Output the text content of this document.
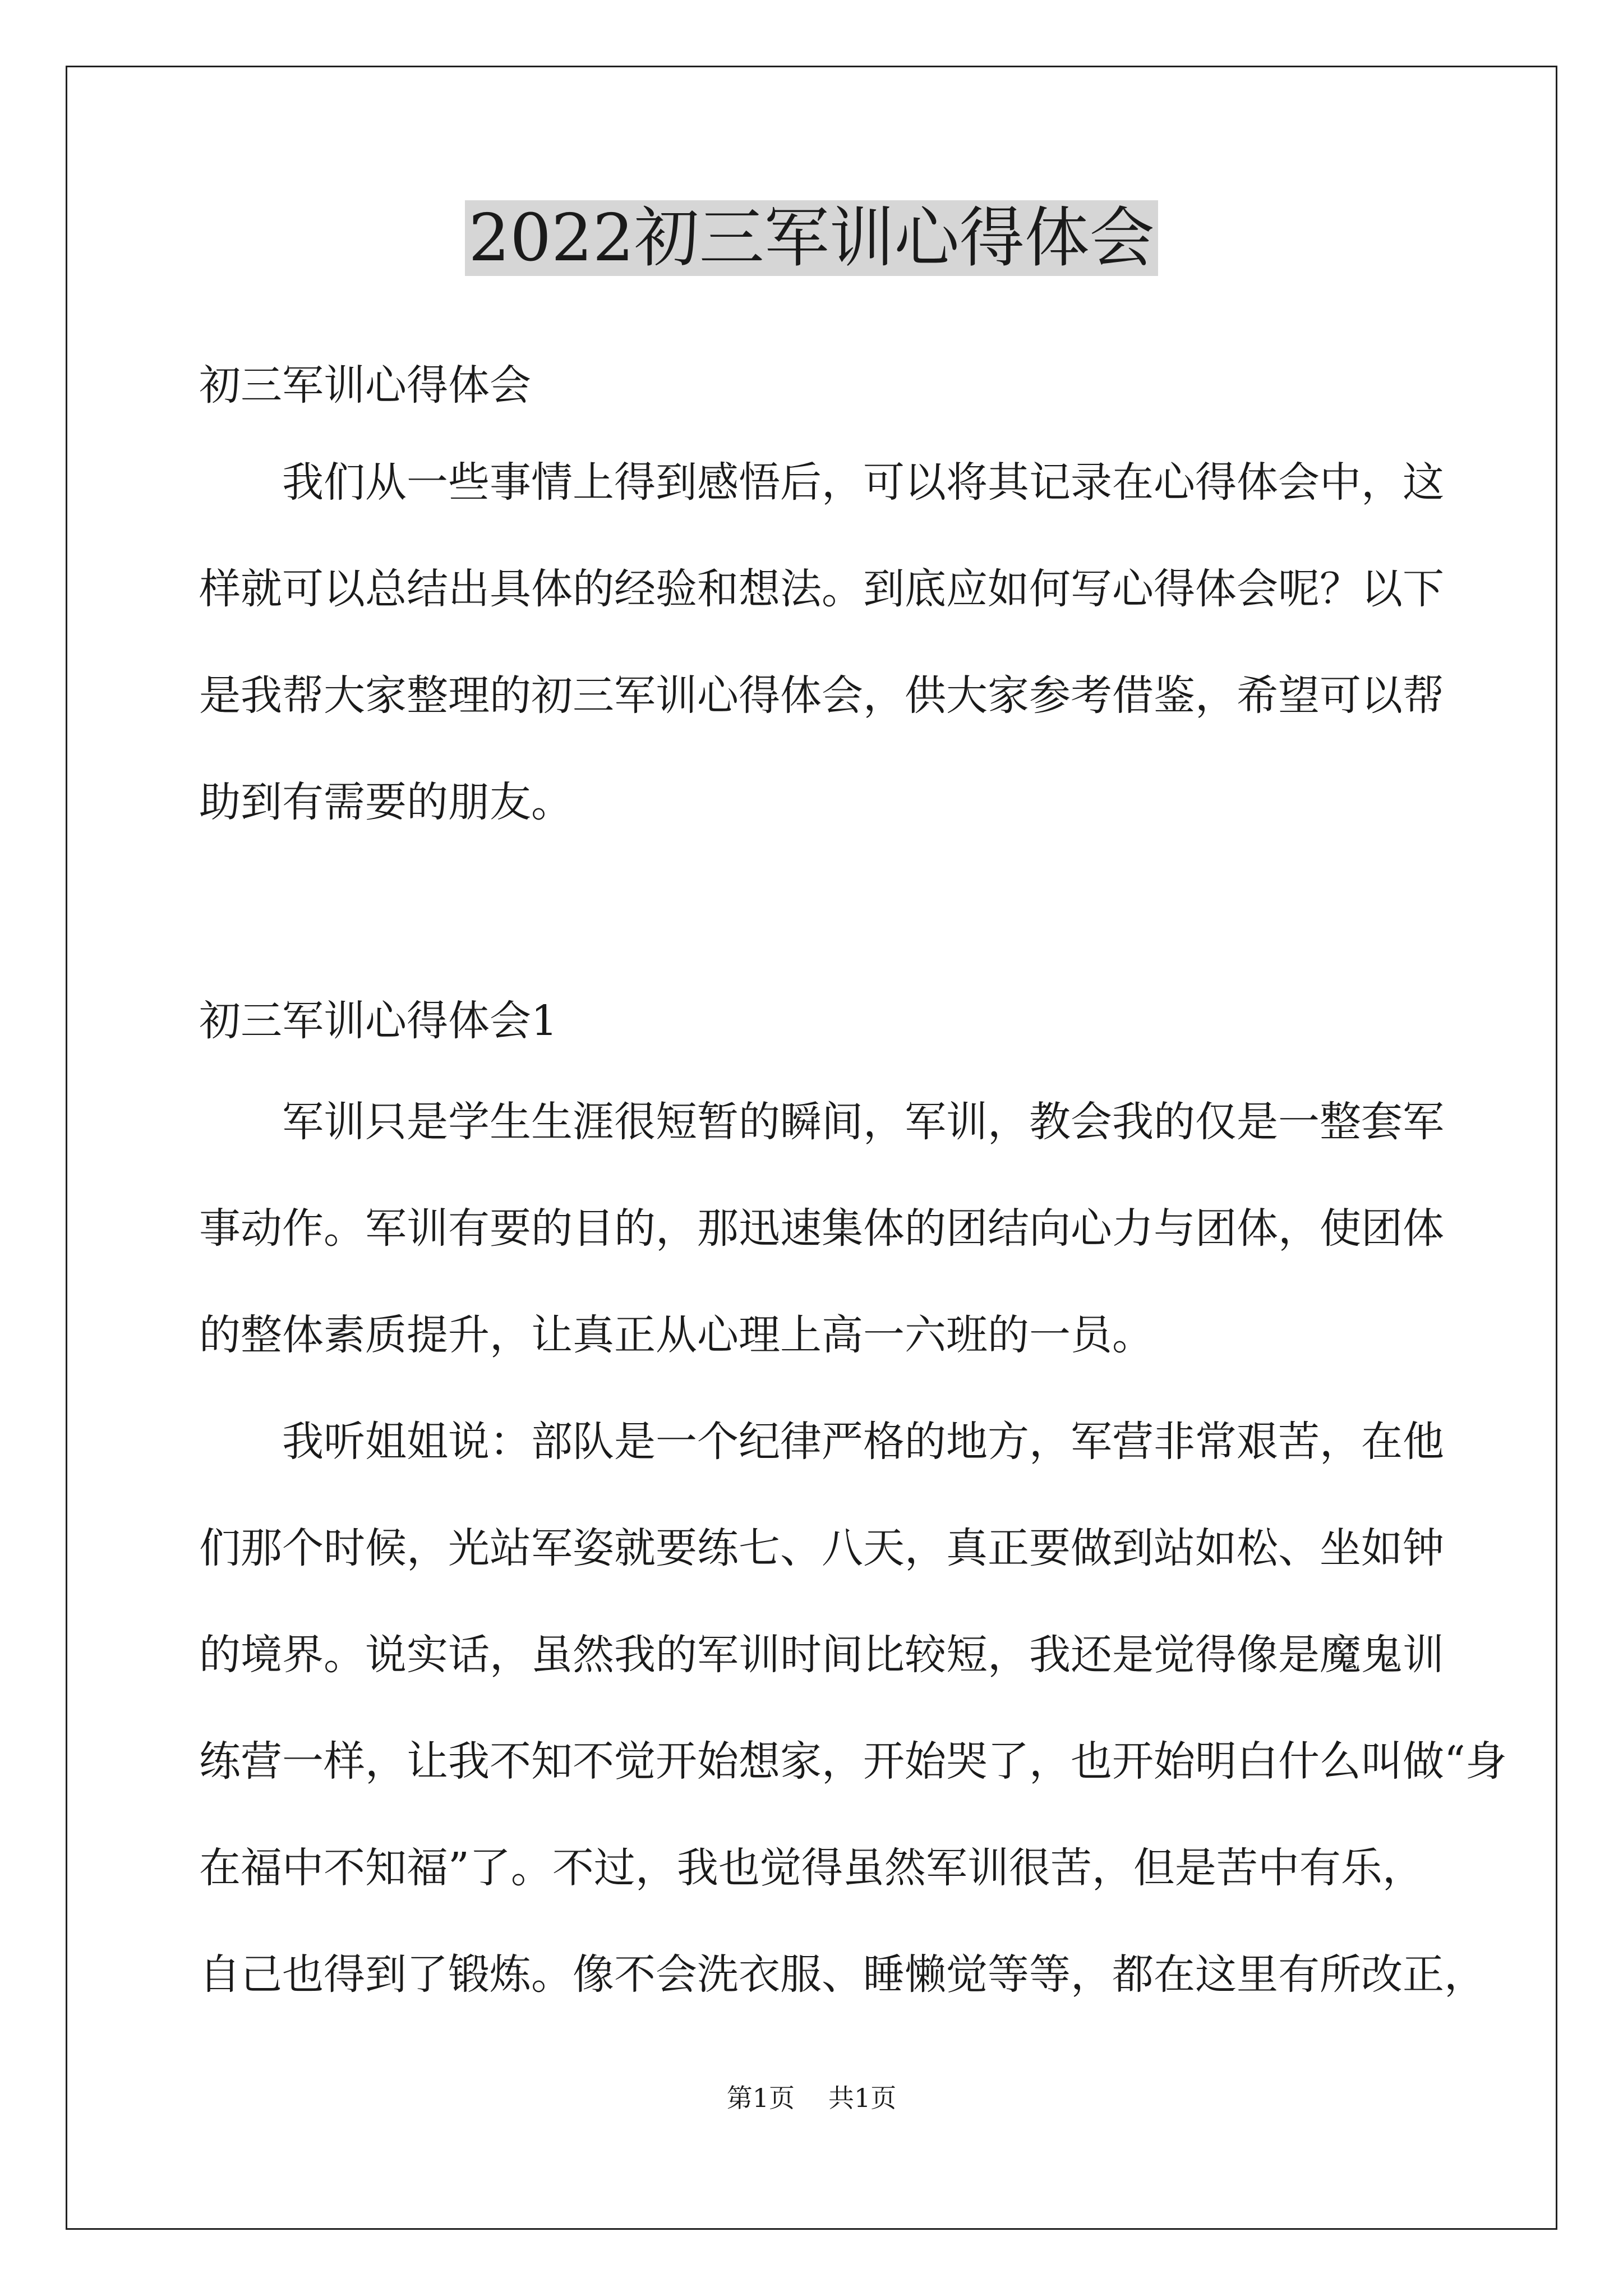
2022初三军训心得体会

初三军训心得体会

我们从一些事情上得到感悟后，可以将其记录在心得体会中，这

样就可以总结出具体的经验和想法。到底应如何写心得体会呢？以下

是我帮大家整理的初三军训心得体会，供大家参考借鉴，希望可以帮

助到有需要的朋友。

初三军训心得体会1

军训只是学生生涯很短暂的瞬间，军训，教会我的仅是一整套军

事动作。军训有要的目的，那迅速集体的团结向心力与团体，使团体

的整体素质提升，让真正从心理上高一六班的一员。

我听姐姐说：部队是一个纪律严格的地方，军营非常艰苦，在他

们那个时候，光站军姿就要练七、八天，真正要做到站如松、坐如钟

的境界。说实话，虽然我的军训时间比较短，我还是觉得像是魔鬼训

练营一样，让我不知不觉开始想家，开始哭了，也开始明白什么叫做“身

在福中不知福”了。不过，我也觉得虽然军训很苦，但是苦中有乐，

自己也得到了锻炼。像不会洗衣服、睡懒觉等等，都在这里有所改正，

第1页 共1页
